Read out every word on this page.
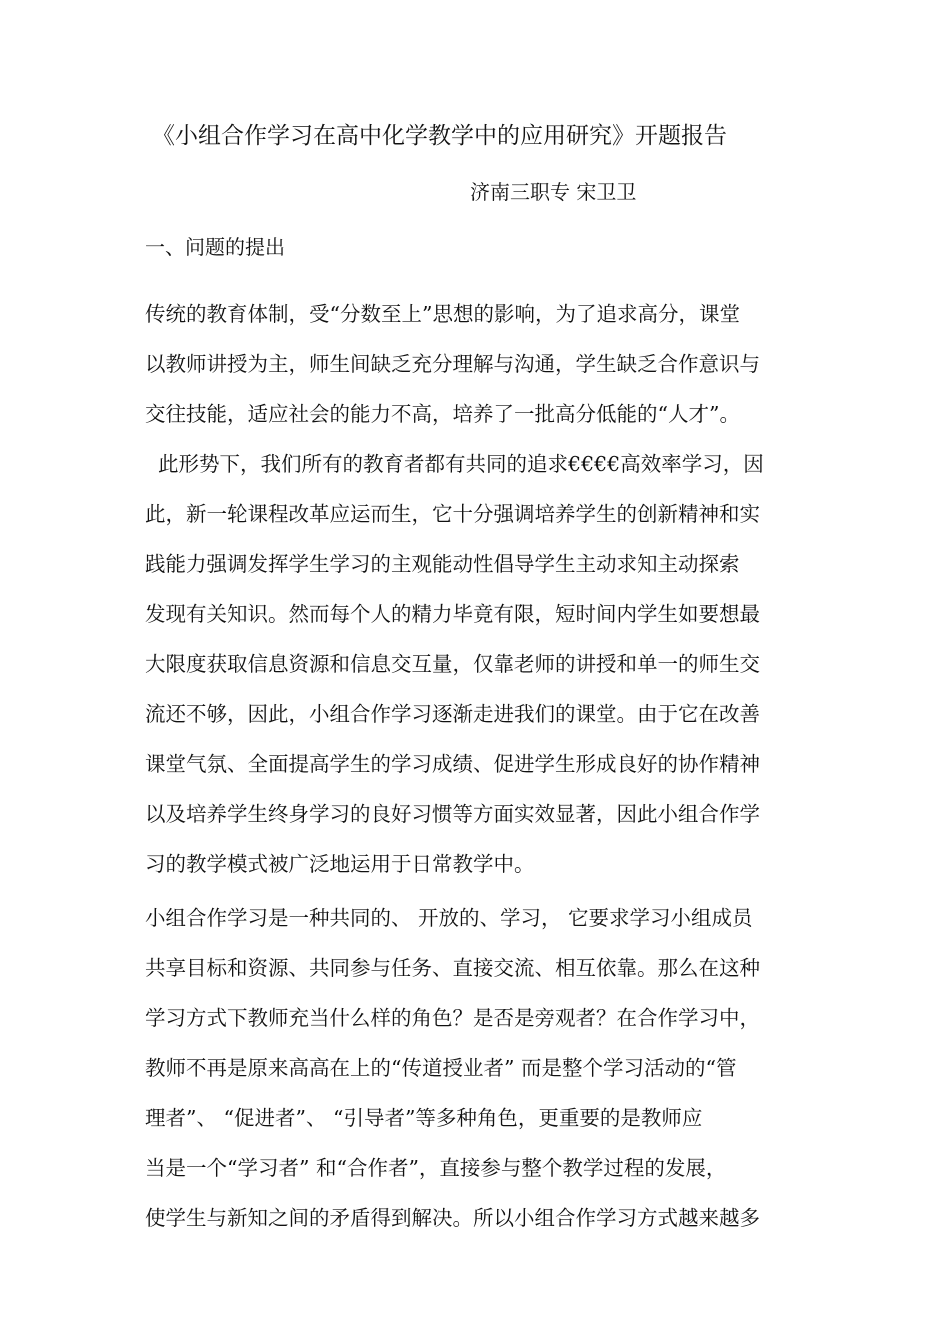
《小组合作学习在高中化学教学中的应用研究》开题报告
济南三职专 宋卫卫
一、问题的提出
传统的教育体制，受“分数至上”思想的影响，为了追求高分，课堂
以教师讲授为主，师生间缺乏充分理解与沟通，学生缺乏合作意识与
交往技能，适应社会的能力不高，培养了一批高分低能的“人才”。
此形势下，我们所有的教育者都有共同的追求€€€€高效率学习，因
此，新一轮课程改革应运而生，它十分强调培养学生的创新精神和实
践能力强调发挥学生学习的主观能动性倡导学生主动求知主动探索
发现有关知识。然而每个人的精力毕竟有限，短时间内学生如要想最
大限度获取信息资源和信息交互量，仅靠老师的讲授和单一的师生交
流还不够，因此，小组合作学习逐渐走进我们的课堂。由于它在改善
课堂气氛、全面提高学生的学习成绩、促进学生形成良好的协作精神
以及培养学生终身学习的良好习惯等方面实效显著，因此小组合作学
习的教学模式被广泛地运用于日常教学中。
小组合作学习是一种共同的、 开放的、学习， 它要求学习小组成员
共享目标和资源、共同参与任务、直接交流、相互依靠。那么在这种
学习方式下教师充当什么样的角色？是否是旁观者？在合作学习中，
教师不再是原来高高在上的“传道授业者” 而是整个学习活动的“管
理者”、 “促进者”、 “引导者”等多种角色，更重要的是教师应
当是一个“学习者” 和“合作者”，直接参与整个教学过程的发展，
使学生与新知之间的矛盾得到解决。所以小组合作学习方式越来越多
